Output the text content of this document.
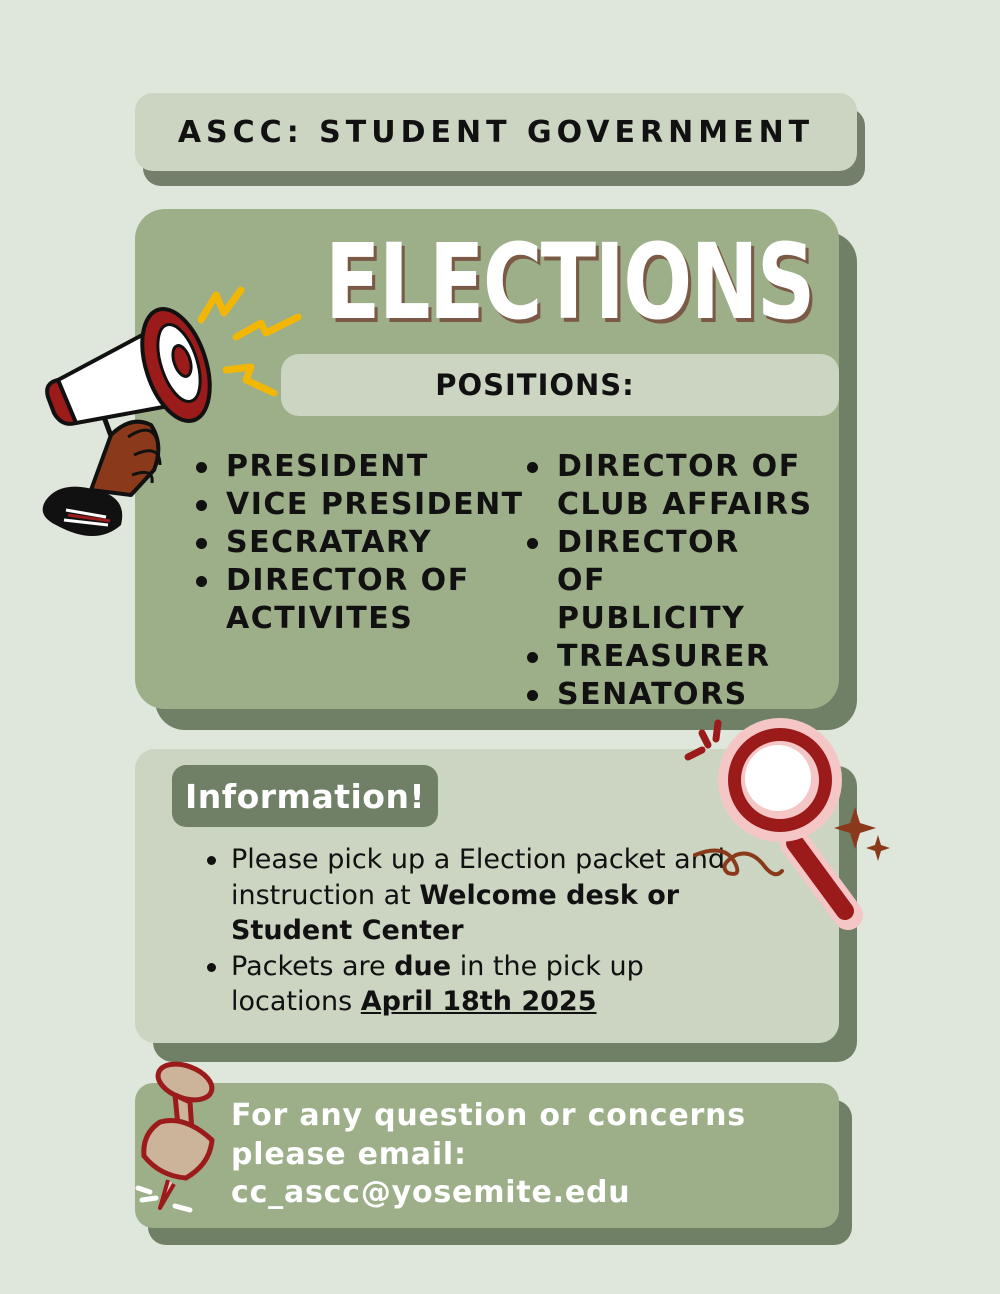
ASCC: STUDENT GOVERNMENT
ELECTIONS
POSITIONS:
PRESIDENT
VICE PRESIDENT
SECRATARY
DIRECTOR OF ACTIVITES
DIRECTOR OF CLUB AFFAIRS
DIRECTOR OF PUBLICITY
TREASURER
SENATORS
Information!
Please pick up a Election packet and instruction at Welcome desk or Student Center
Packets are due in the pick up locations April 18th 2025
For any question or concerns
please email:
cc_ascc@yosemite.edu
